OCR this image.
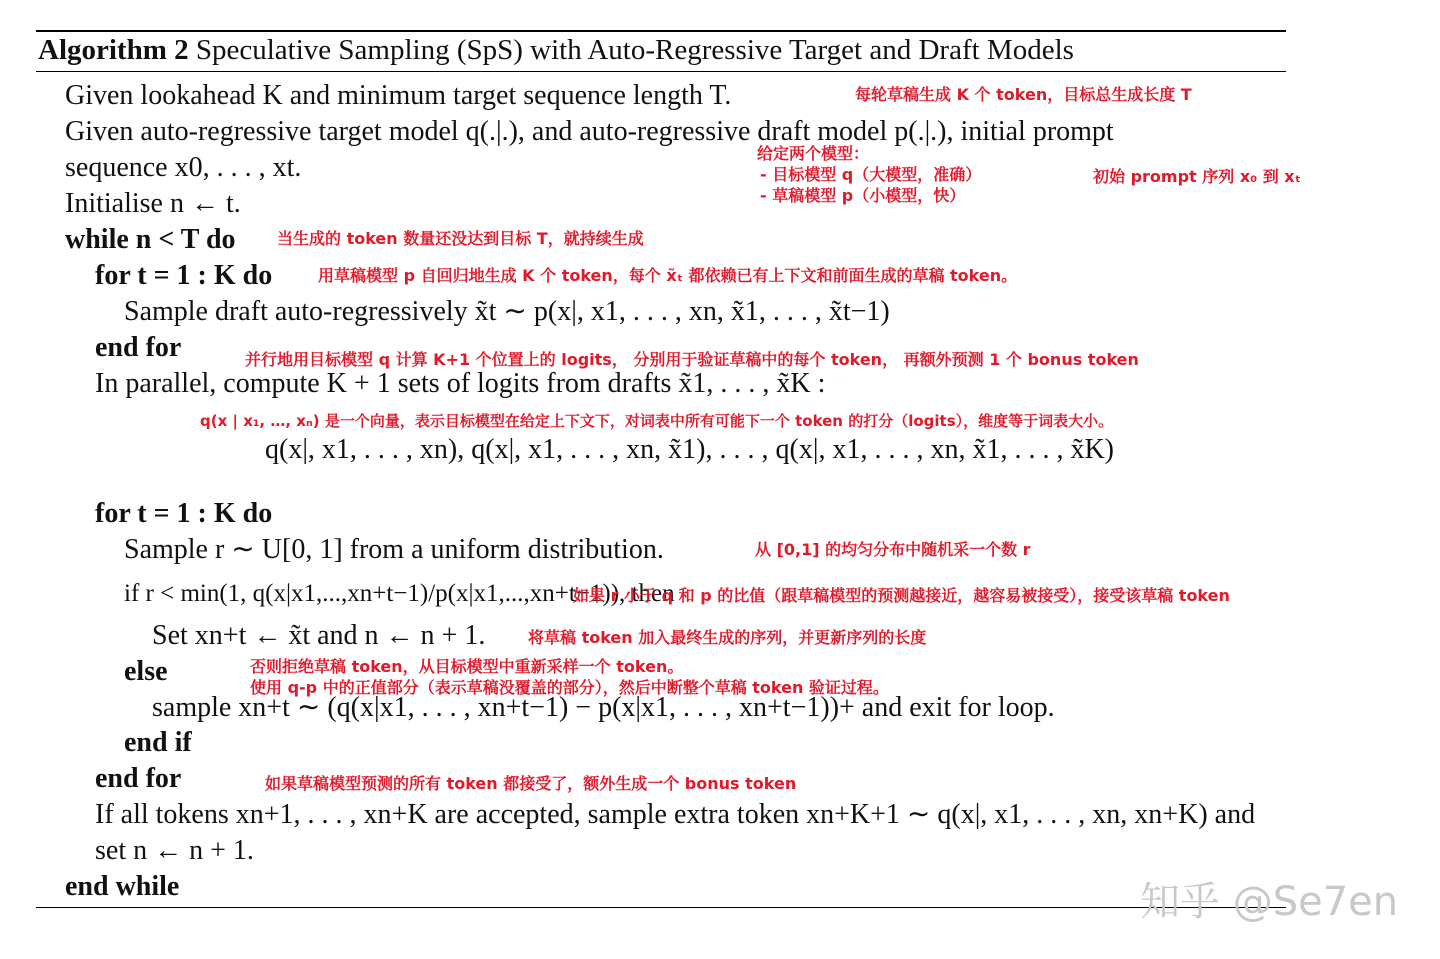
Algorithm 2 Speculative Sampling (SpS) with Auto-Regressive Target and Draft Models
Given lookahead K and minimum target sequence length T.
Given auto-regressive target model q(.|.), and auto-regressive draft model p(.|.), initial prompt
sequence x0, . . . , xt.
Initialise n ← t.
while n < T do
for t = 1 : K do
Sample draft auto-regressively x̃t ∼ p(x|, x1, . . . , xn, x̃1, . . . , x̃t−1)
end for
In parallel, compute K + 1 sets of logits from drafts x̃1, . . . , x̃K :
q(x|, x1, . . . , xn), q(x|, x1, . . . , xn, x̃1), . . . , q(x|, x1, . . . , xn, x̃1, . . . , x̃K)
for t = 1 : K do
Sample r ∼ U[0, 1] from a uniform distribution.
if r < min(1, q(x|x1,...,xn+t−1)/p(x|x1,...,xn+t−1)), then
Set xn+t ← x̃t and n ← n + 1.
else
sample xn+t ∼ (q(x|x1, . . . , xn+t−1) − p(x|x1, . . . , xn+t−1))+ and exit for loop.
end if
end for
If all tokens xn+1, . . . , xn+K are accepted, sample extra token xn+K+1 ∼ q(x|, x1, . . . , xn, xn+K) and
set n ← n + 1.
end while
每轮草稿生成 K 个 token，目标总生成长度 T
给定两个模型：
- 目标模型 q（大模型，准确）
- 草稿模型 p（小模型，快）
初始 prompt 序列 x₀ 到 xₜ
当生成的 token 数量还没达到目标 T，就持续生成
用草稿模型 p 自回归地生成 K 个 token，每个 x̃ₜ 都依赖已有上下文和前面生成的草稿 token。
并行地用目标模型 q 计算 K+1 个位置上的 logits， 分别用于验证草稿中的每个 token， 再额外预测 1 个 bonus token
q(x | x₁, …, xₙ) 是一个向量，表示目标模型在给定上下文下，对词表中所有可能下一个 token 的打分（logits），维度等于词表大小。
从 [0,1] 的均匀分布中随机采一个数 r
如果 r 小于 q 和 p 的比值（跟草稿模型的预测越接近，越容易被接受），接受该草稿 token
将草稿 token 加入最终生成的序列，并更新序列的长度
否则拒绝草稿 token，从目标模型中重新采样一个 token。
使用 q-p 中的正值部分（表示草稿没覆盖的部分），然后中断整个草稿 token 验证过程。
如果草稿模型预测的所有 token 都接受了，额外生成一个 bonus token
知乎 @Se7en
